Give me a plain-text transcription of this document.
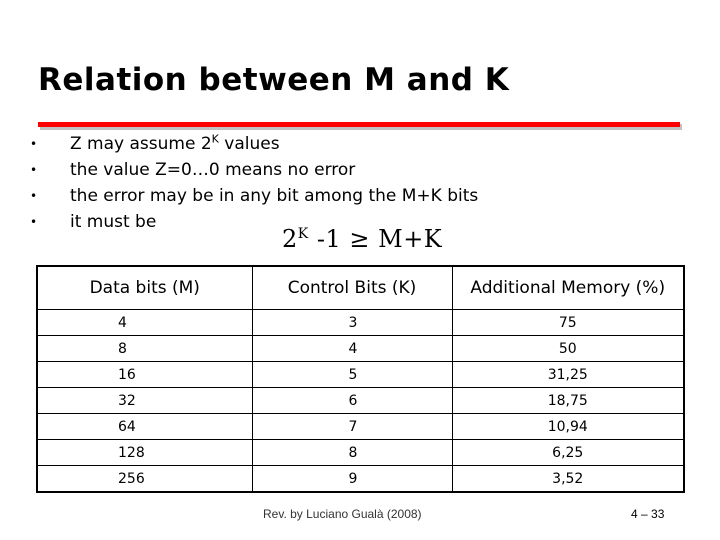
Relation between M and K
•	Z may assume $2^K$ values
•	the value Z=0…0 means no error
•	the error may be in any bit among the M+K bits
•	it must be
$2^K$ -1 ≥ M+K
Data bits (M)	Control Bits (K)	Additional Memory (%)
4	3	75
8	4	50
16	5	31,25
32	6	18,75
64	7	10,94
128	8	6,25
256	9	3,52
Rev. by Luciano Gualà (2008)	4 – 33
